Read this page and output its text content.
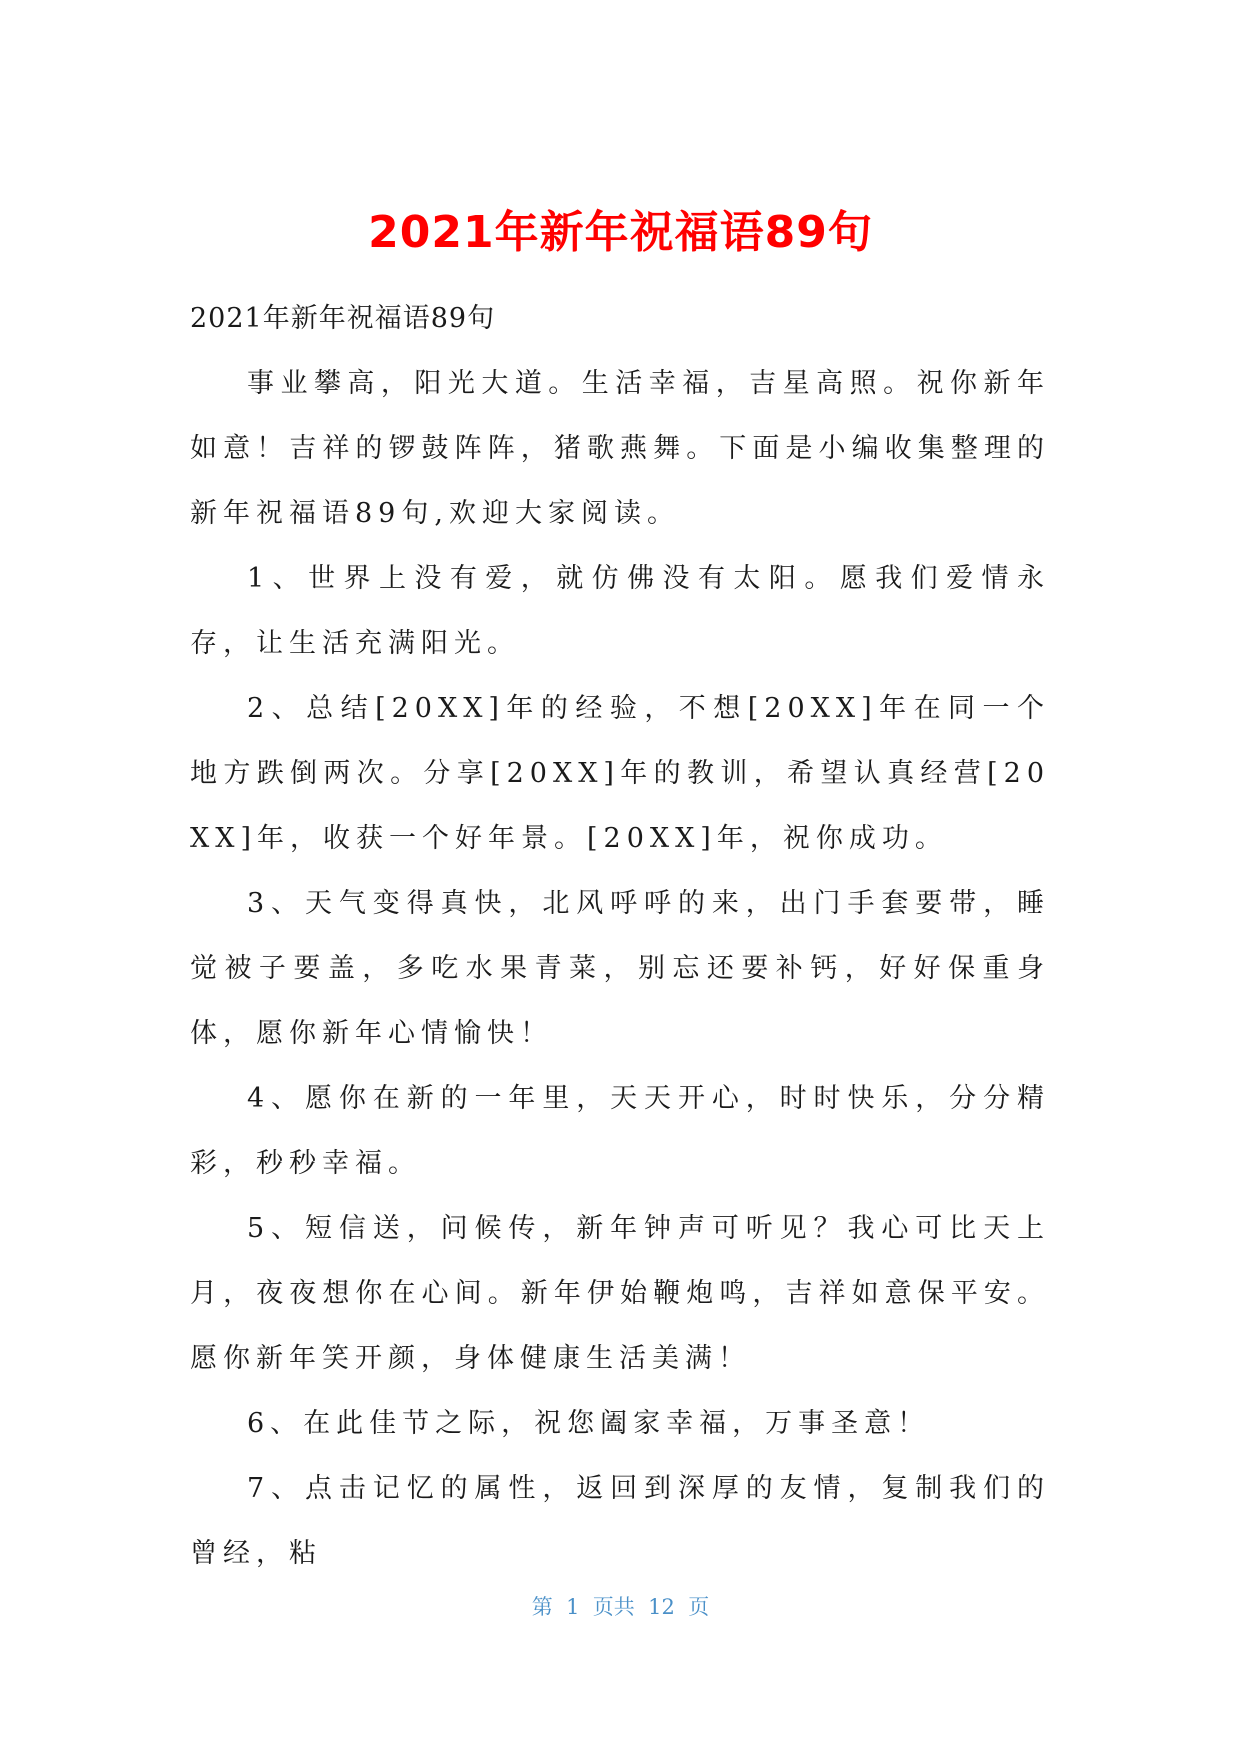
2021年新年祝福语89句

2021年新年祝福语89句

事业攀高，阳光大道。生活幸福，吉星高照。祝你新年如意！吉祥的锣鼓阵阵，猪歌燕舞。下面是小编收集整理的新年祝福语89句,欢迎大家阅读。

1、世界上没有爱，就仿佛没有太阳。愿我们爱情永存，让生活充满阳光。

2、总结[20XX]年的经验，不想[20XX]年在同一个地方跌倒两次。分享[20XX]年的教训，希望认真经营[20XX]年，收获一个好年景。[20XX]年，祝你成功。

3、天气变得真快，北风呼呼的来，出门手套要带，睡觉被子要盖，多吃水果青菜，别忘还要补钙，好好保重身体，愿你新年心情愉快！

4、愿你在新的一年里，天天开心，时时快乐，分分精彩，秒秒幸福。

5、短信送，问候传，新年钟声可听见？我心可比天上月，夜夜想你在心间。新年伊始鞭炮鸣，吉祥如意保平安。愿你新年笑开颜，身体健康生活美满！

6、在此佳节之际，祝您阖家幸福，万事圣意！

7、点击记忆的属性，返回到深厚的友情，复制我们的曾经，粘

第  1  页共  12  页
